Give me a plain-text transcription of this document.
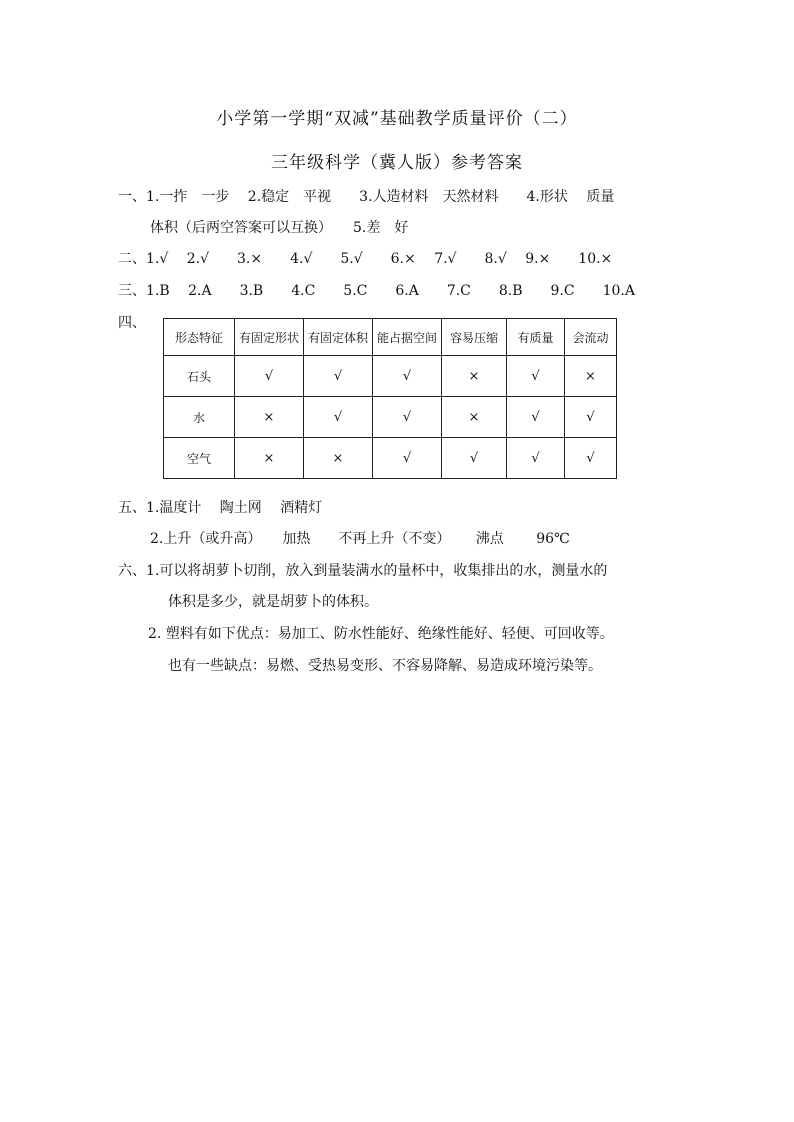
小学第一学期“双减”基础教学质量评价（二）
三年级科学（冀人版）参考答案
一、1.一拃　一步　 2.稳定　平视　　3.人造材料　天然材料　　4.形状　 质量
体积（后两空答案可以互换）　　5.差　好
二、1.√　 2.√　　3.×　　4.√　　5.√　　6.×　 7.√　　8.√　 9.×　　10.×
三、1.B　 2.A　　3.B　　4.C　　5.C　　6.A　　7.C　　8.B　　9.C　　10.A
四、
形态特征	有固定形状	有固定体积	能占据空间	容易压缩	有质量	会流动
石头	√	√	√	×	√	×
水	×	√	√	×	√	√
空气	×	×	√	√	√	√
五、1.温度计　 陶土网　 酒精灯
2.上升（或升高）　　加热　　不再上升（不变）　　 沸点　　 96℃
六、1.可以将胡萝卜切削，放入到量装满水的量杯中，收集排出的水，测量水的
体积是多少，就是胡萝卜的体积。
2. 塑料有如下优点：易加工、防水性能好、绝缘性能好、轻便、可回收等。
也有一些缺点：易燃、受热易变形、不容易降解、易造成环境污染等。
